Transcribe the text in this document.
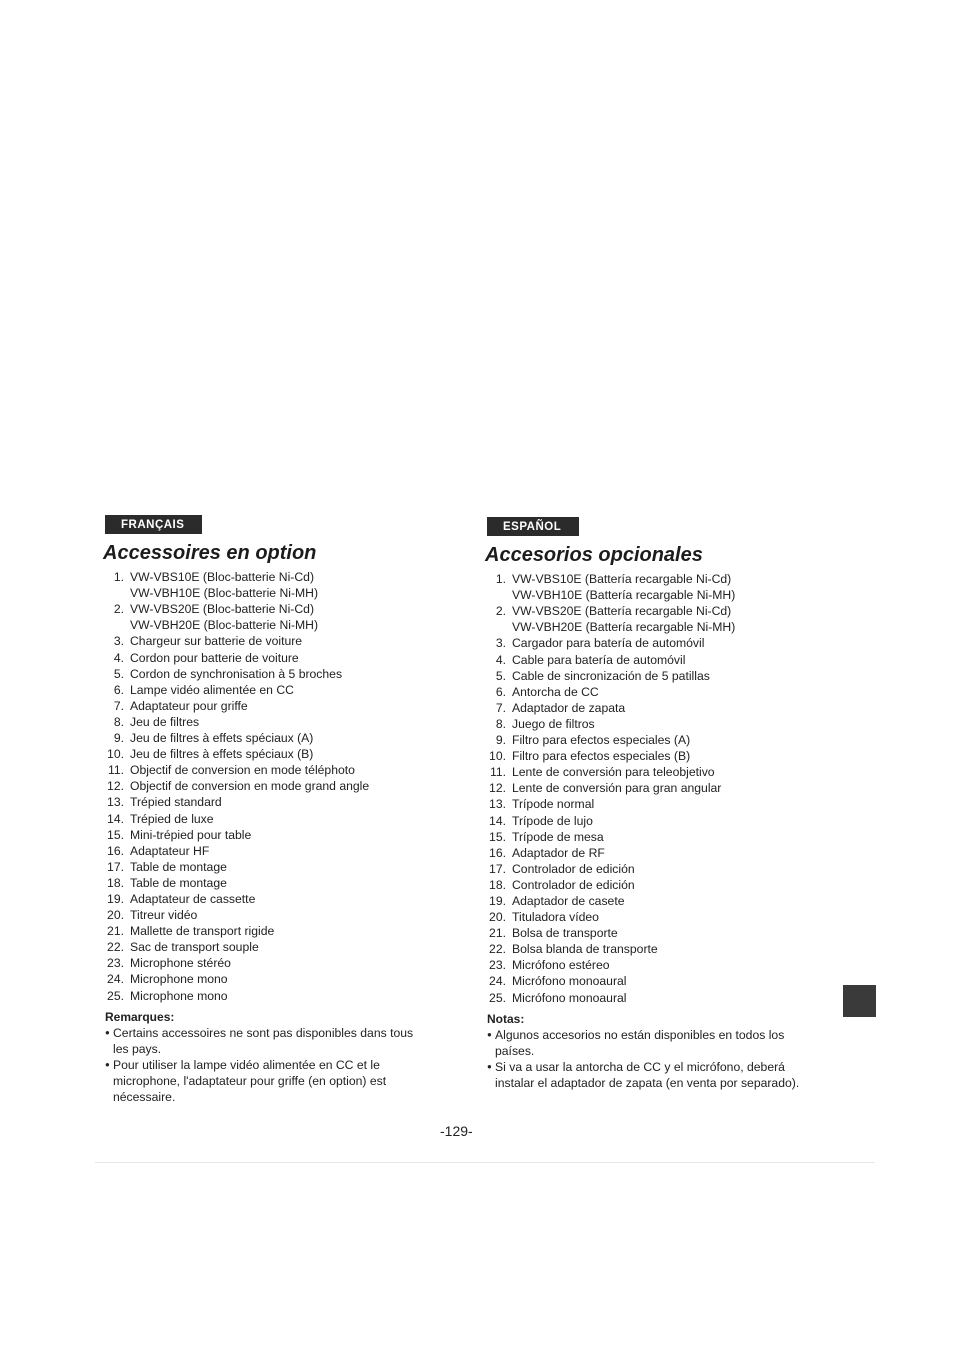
FRANÇAIS
Accessoires en option
1. VW-VBS10E (Bloc-batterie Ni-Cd)
VW-VBH10E (Bloc-batterie Ni-MH)
2. VW-VBS20E (Bloc-batterie Ni-Cd)
VW-VBH20E (Bloc-batterie Ni-MH)
3. Chargeur sur batterie de voiture
4. Cordon pour batterie de voiture
5. Cordon de synchronisation à 5 broches
6. Lampe vidéo alimentée en CC
7. Adaptateur pour griffe
8. Jeu de filtres
9. Jeu de filtres à effets spéciaux (A)
10. Jeu de filtres à effets spéciaux (B)
11. Objectif de conversion en mode téléphoto
12. Objectif de conversion en mode grand angle
13. Trépied standard
14. Trépied de luxe
15. Mini-trépied pour table
16. Adaptateur HF
17. Table de montage
18. Table de montage
19. Adaptateur de cassette
20. Titreur vidéo
21. Mallette de transport rigide
22. Sac de transport souple
23. Microphone stéréo
24. Microphone mono
25. Microphone mono
Remarques:
● Certains accessoires ne sont pas disponibles dans tous les pays.
● Pour utiliser la lampe vidéo alimentée en CC et le microphone, l'adaptateur pour griffe (en option) est nécessaire.
ESPAÑOL
Accesorios opcionales
1. VW-VBS10E (Battería recargable Ni-Cd)
VW-VBH10E (Battería recargable Ni-MH)
2. VW-VBS20E (Battería recargable Ni-Cd)
VW-VBH20E (Battería recargable Ni-MH)
3. Cargador para batería de automóvil
4. Cable para batería de automóvil
5. Cable de sincronización de 5 patillas
6. Antorcha de CC
7. Adaptador de zapata
8. Juego de filtros
9. Filtro para efectos especiales (A)
10. Filtro para efectos especiales (B)
11. Lente de conversión para teleobjetivo
12. Lente de conversión para gran angular
13. Trípode normal
14. Trípode de lujo
15. Trípode de mesa
16. Adaptador de RF
17. Controlador de edición
18. Controlador de edición
19. Adaptador de casete
20. Tituladora vídeo
21. Bolsa de transporte
22. Bolsa blanda de transporte
23. Micrófono estéreo
24. Micrófono monoaural
25. Micrófono monoaural
Notas:
● Algunos accesorios no están disponibles en todos los países.
● Si va a usar la antorcha de CC y el micrófono, deberá instalar el adaptador de zapata (en venta por separado).
-129-
